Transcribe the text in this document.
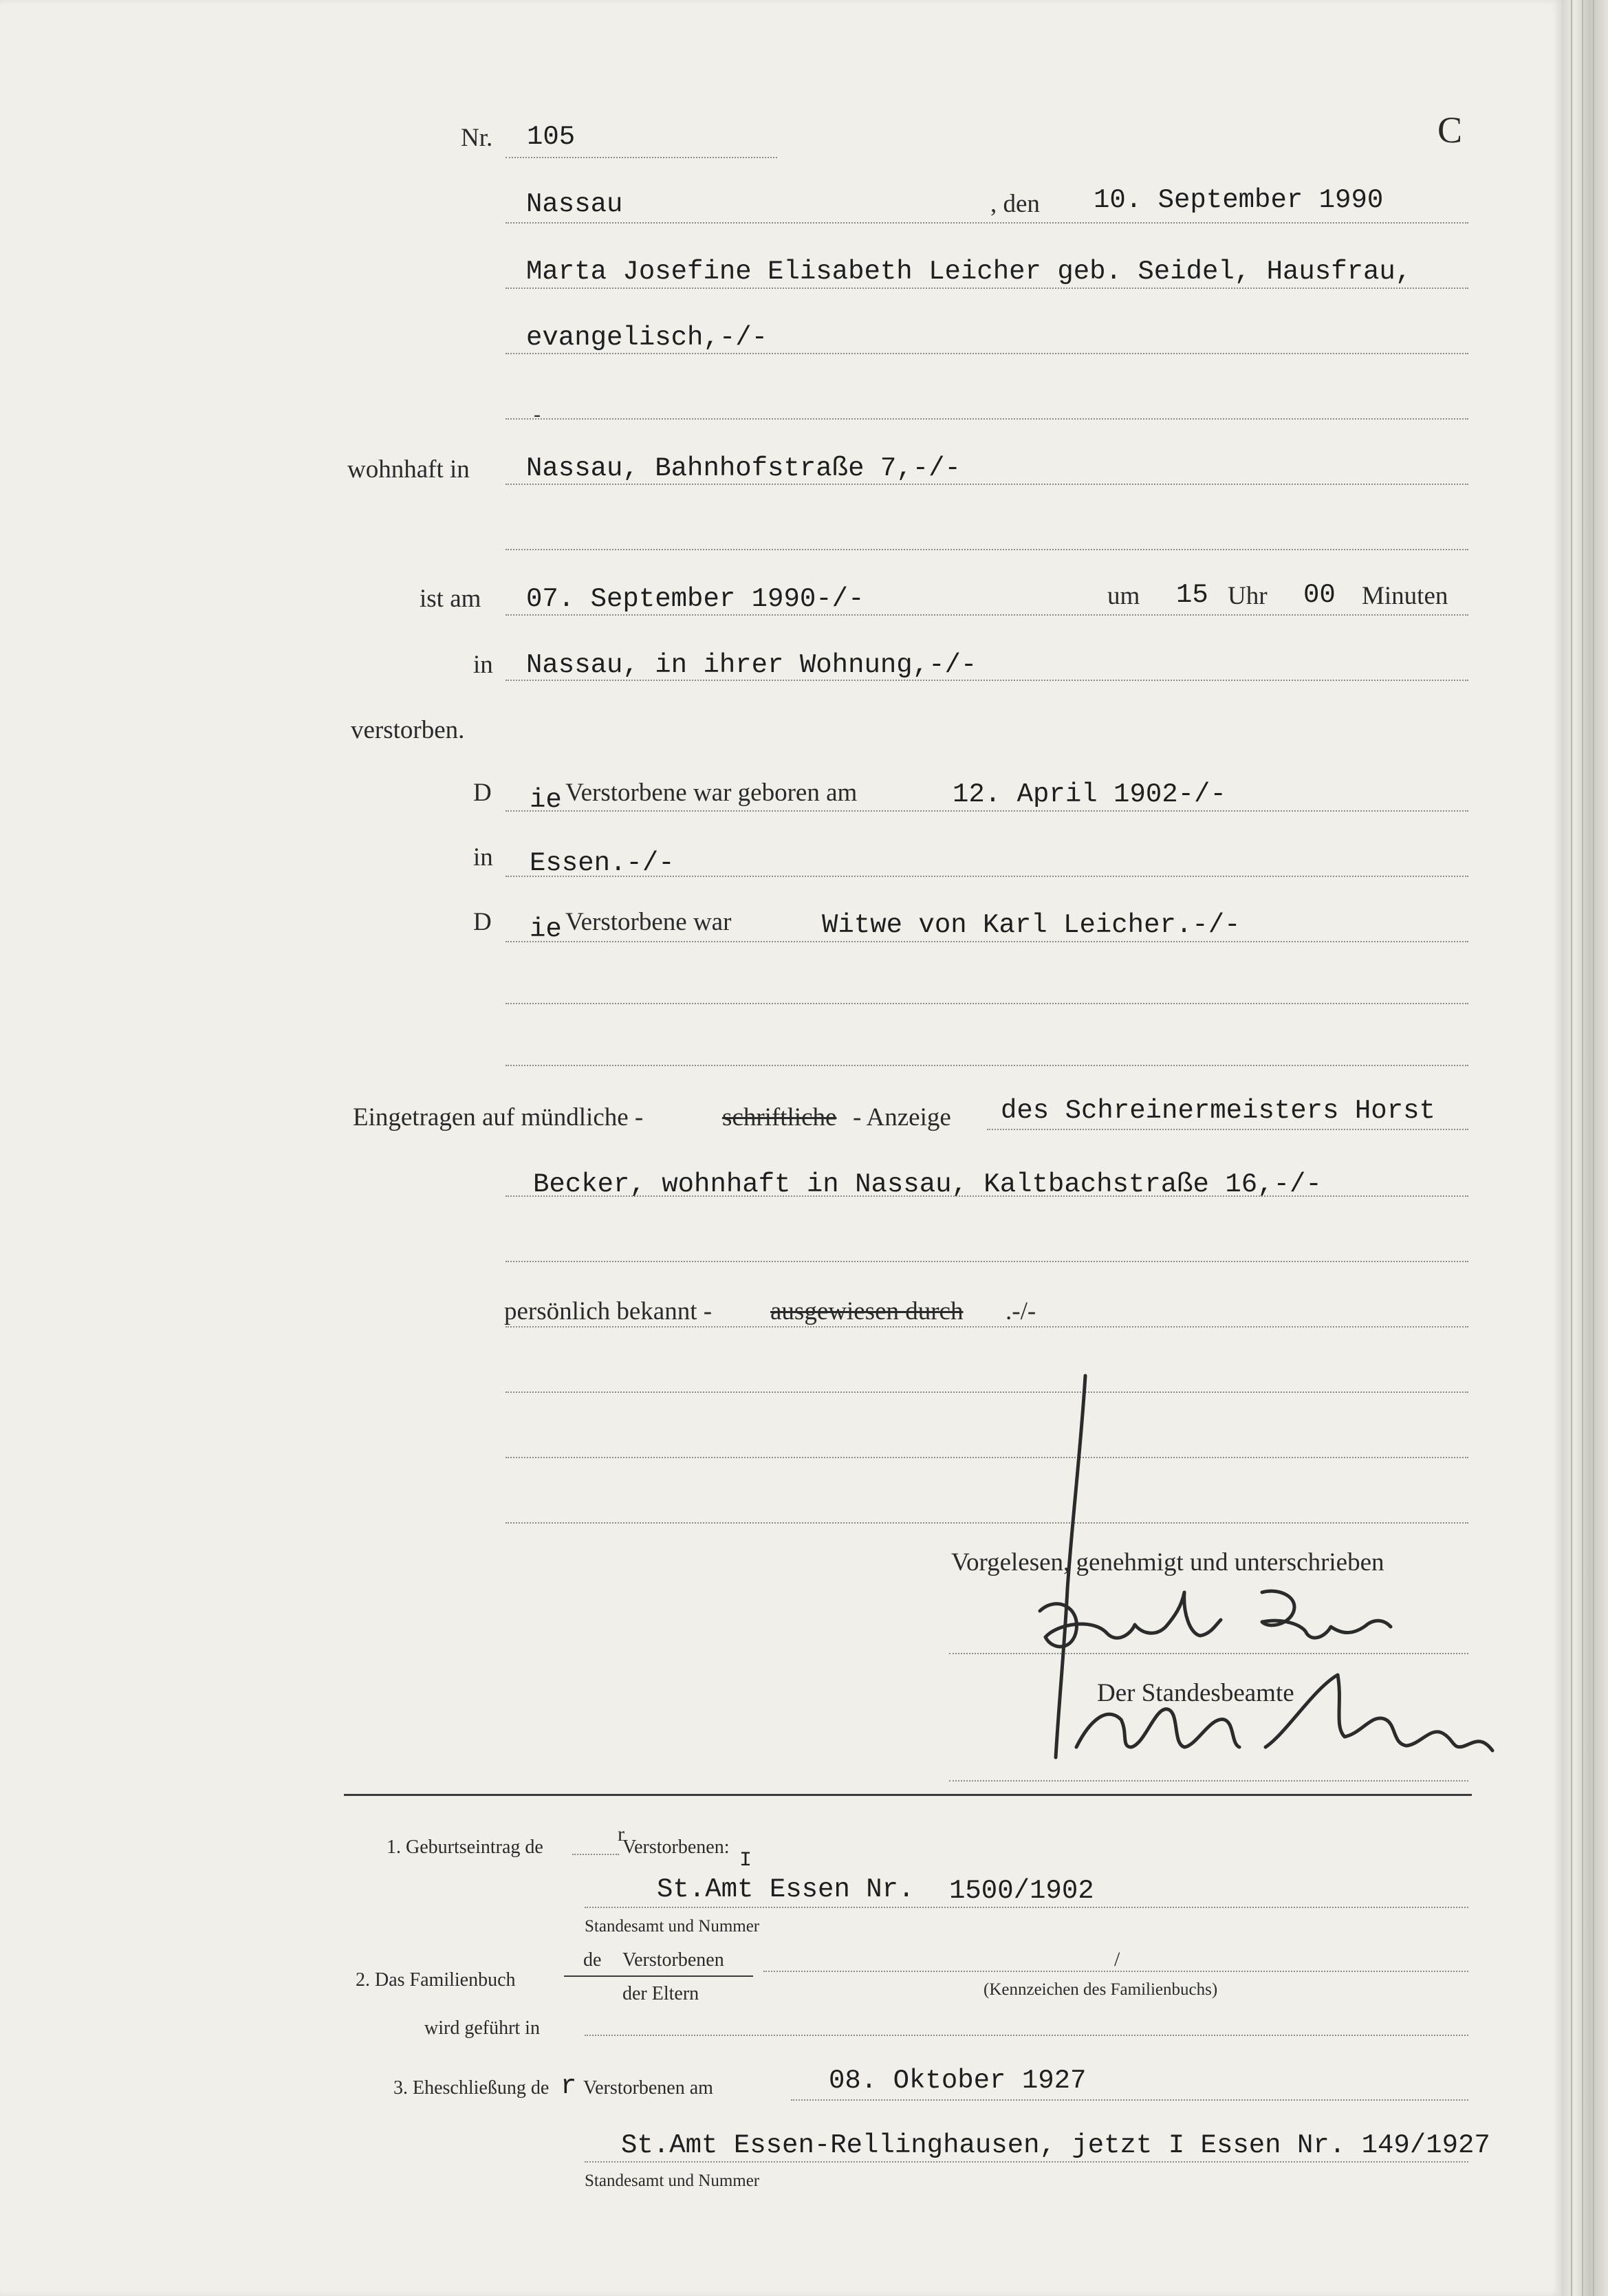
Nr. 105	C
Nassau	, den 10. September 1990
Marta Josefine Elisabeth Leicher geb. Seidel, Hausfrau,
evangelisch,-/-
‐
wohnhaft in Nassau, Bahnhofstraße 7,-/-
ist am 07. September 1990-/-	um 15 Uhr 00 Minuten
in Nassau, in ihrer Wohnung,-/-
verstorben.
D ie Verstorbene war geboren am	12. April 1902-/-
in Essen.-/-
D ie Verstorbene war	Witwe von Karl Leicher.-/-
Eingetragen auf mündliche -	schriftliche - Anzeige des Schreinermeisters Horst
Becker, wohnhaft in Nassau, Kaltbachstraße 16,-/-
persönlich bekannt - ausgewiesen durch .-/-
Vorgelesen, genehmigt und unterschrieben
Der Standesbeamte
1. Geburtseintrag de
r
Verstorbenen:
I
St.Amt Essen Nr. 1500/1902
Standesamt und Nummer
2. Das Familienbuch
de Verstorbenen
der Eltern
/
(Kennzeichen des Familienbuchs)
wird geführt in
3. Eheschließung de r Verstorbenen am	08. Oktober 1927
St.Amt Essen-Rellinghausen, jetzt I Essen Nr. 149/1927
Standesamt und Nummer
